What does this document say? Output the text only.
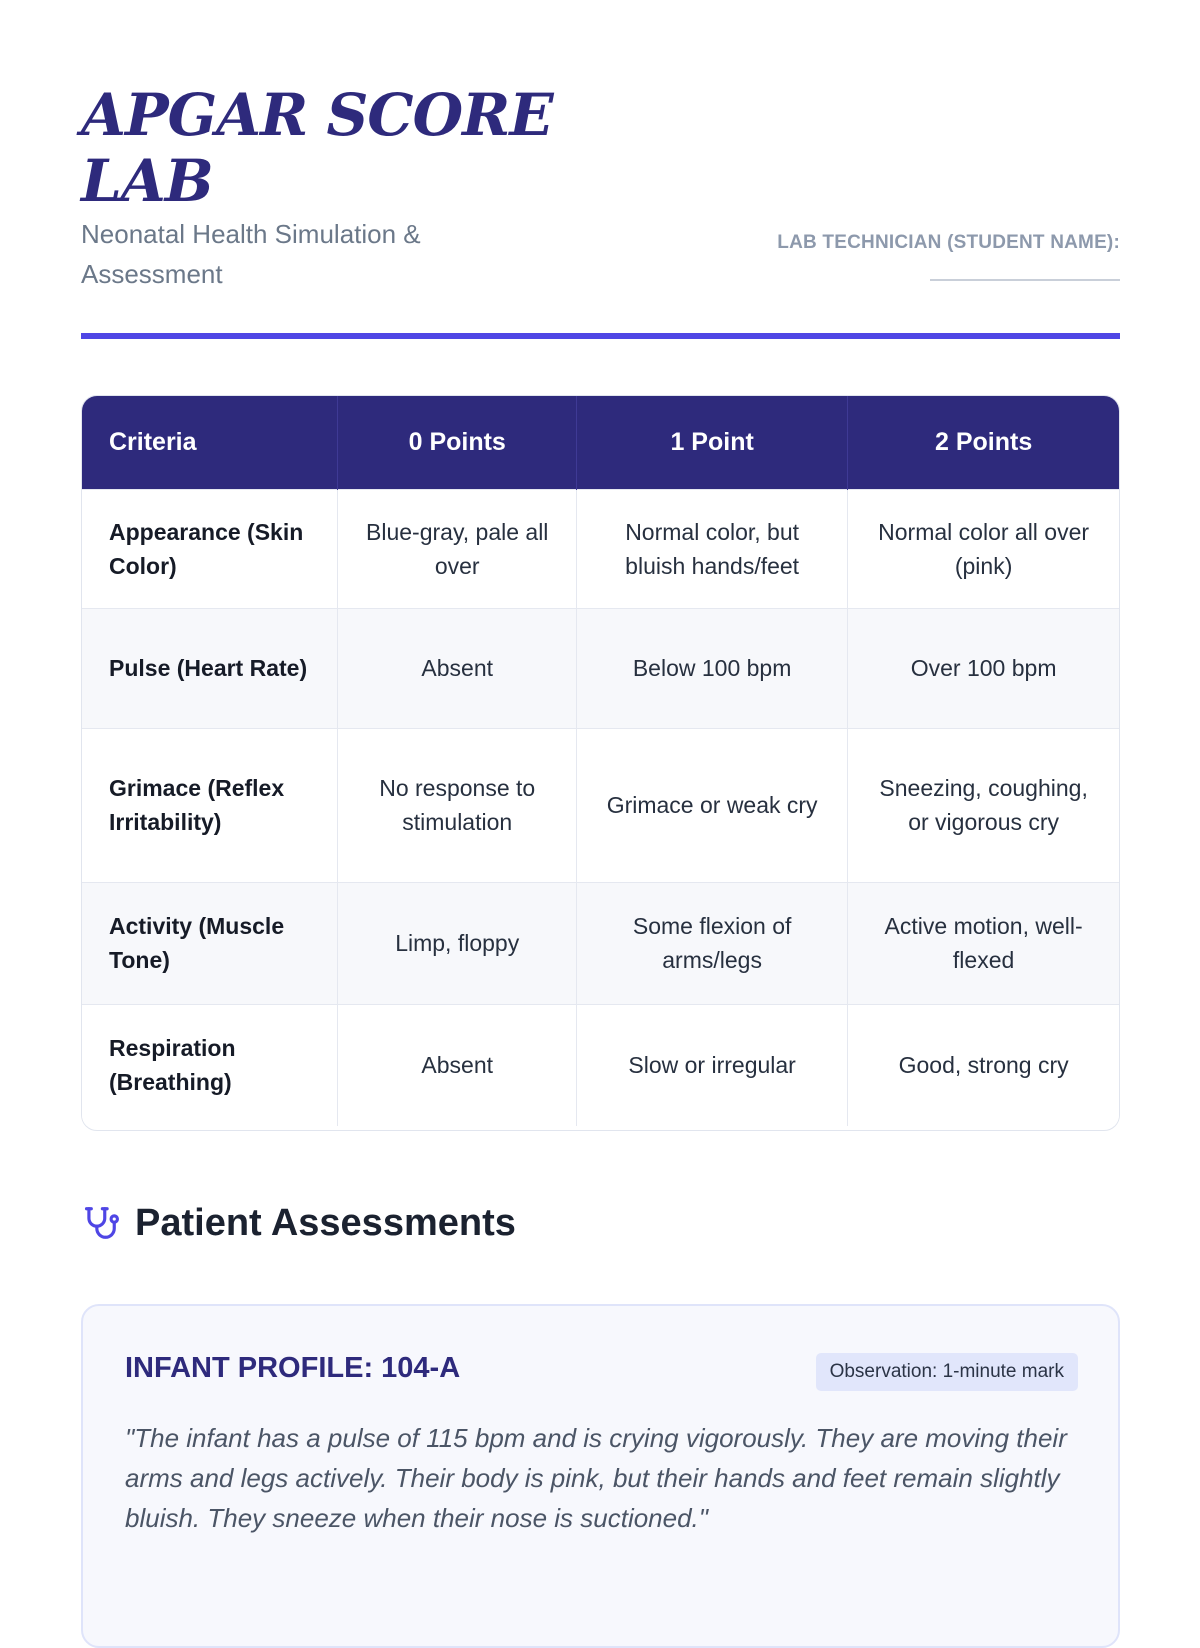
APGAR SCORE LAB
Neonatal Health Simulation & Assessment
LAB TECHNICIAN (STUDENT NAME):
Criteria	0 Points	1 Point	2 Points
Appearance (Skin Color)	Blue-gray, pale all over	Normal color, but bluish hands/feet	Normal color all over (pink)
Pulse (Heart Rate)	Absent	Below 100 bpm	Over 100 bpm
Grimace (Reflex Irritability)	No response to stimulation	Grimace or weak cry	Sneezing, coughing, or vigorous cry
Activity (Muscle Tone)	Limp, floppy	Some flexion of arms/legs	Active motion, well-flexed
Respiration (Breathing)	Absent	Slow or irregular	Good, strong cry
Patient Assessments
INFANT PROFILE: 104-A	Observation: 1-minute mark

"The infant has a pulse of 115 bpm and is crying vigorously. They are moving their arms and legs actively. Their body is pink, but their hands and feet remain slightly bluish. They sneeze when their nose is suctioned."
